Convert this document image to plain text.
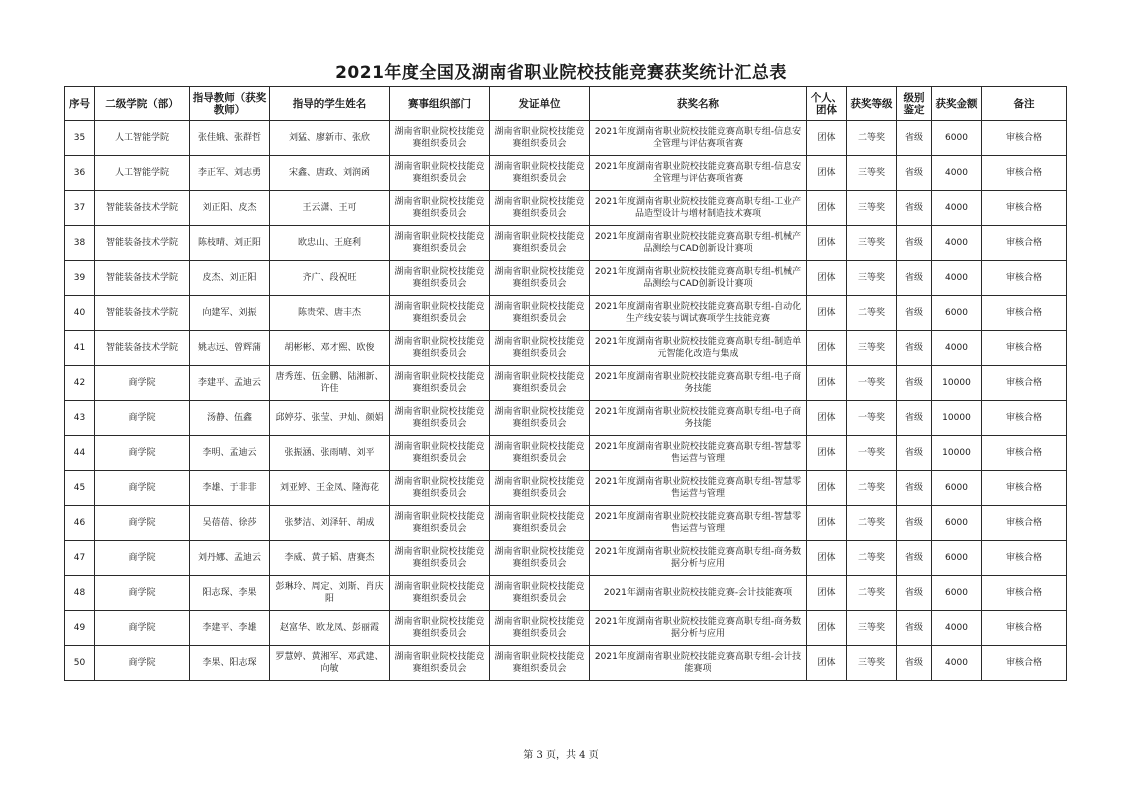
2021年度全国及湖南省职业院校技能竞赛获奖统计汇总表
序号	二级学院（部）	指导教师（获奖教师）	指导的学生姓名	赛事组织部门	发证单位	获奖名称	个人、团体	获奖等级	级别鉴定	获奖金额	备注
35	人工智能学院	张佳娥、张群哲	刘猛、廖新市、张欣	湖南省职业院校技能竞赛组织委员会	湖南省职业院校技能竞赛组织委员会	2021年度湖南省职业院校技能竞赛高职专组-信息安全管理与评估赛项省赛	团体	二等奖	省级	6000	审核合格
36	人工智能学院	李正军、刘志勇	宋鑫、唐政、刘润函	湖南省职业院校技能竞赛组织委员会	湖南省职业院校技能竞赛组织委员会	2021年度湖南省职业院校技能竞赛高职专组-信息安全管理与评估赛项省赛	团体	三等奖	省级	4000	审核合格
37	智能装备技术学院	刘正阳、皮杰	王云潇、王可	湖南省职业院校技能竞赛组织委员会	湖南省职业院校技能竞赛组织委员会	2021年度湖南省职业院校技能竞赛高职专组-工业产品造型设计与增材制造技术赛项	团体	三等奖	省级	4000	审核合格
38	智能装备技术学院	陈枝晴、刘正阳	欧忠山、王庭利	湖南省职业院校技能竞赛组织委员会	湖南省职业院校技能竞赛组织委员会	2021年度湖南省职业院校技能竞赛高职专组-机械产品测绘与CAD创新设计赛项	团体	三等奖	省级	4000	审核合格
39	智能装备技术学院	皮杰、刘正阳	齐广、段祝旺	湖南省职业院校技能竞赛组织委员会	湖南省职业院校技能竞赛组织委员会	2021年度湖南省职业院校技能竞赛高职专组-机械产品测绘与CAD创新设计赛项	团体	三等奖	省级	4000	审核合格
40	智能装备技术学院	向建军、刘振	陈贵荣、唐丰杰	湖南省职业院校技能竞赛组织委员会	湖南省职业院校技能竞赛组织委员会	2021年度湖南省职业院校技能竞赛高职专组-自动化生产线安装与调试赛项学生技能竞赛	团体	二等奖	省级	6000	审核合格
41	智能装备技术学院	姚志远、曾辉蒲	胡彬彬、邓才熙、欧俊	湖南省职业院校技能竞赛组织委员会	湖南省职业院校技能竞赛组织委员会	2021年度湖南省职业院校技能竞赛高职专组-制造单元智能化改造与集成	团体	三等奖	省级	4000	审核合格
42	商学院	李建平、孟迪云	唐秀莲、伍金鹏、陆湘新、许佳	湖南省职业院校技能竞赛组织委员会	湖南省职业院校技能竞赛组织委员会	2021年度湖南省职业院校技能竞赛高职专组-电子商务技能	团体	一等奖	省级	10000	审核合格
43	商学院	汤静、伍鑫	邱婷芬、张莹、尹灿、颜娟	湖南省职业院校技能竞赛组织委员会	湖南省职业院校技能竞赛组织委员会	2021年度湖南省职业院校技能竞赛高职专组-电子商务技能	团体	一等奖	省级	10000	审核合格
44	商学院	李明、孟迪云	张振涵、张雨晴、刘平	湖南省职业院校技能竞赛组织委员会	湖南省职业院校技能竞赛组织委员会	2021年度湖南省职业院校技能竞赛高职专组-智慧零售运营与管理	团体	一等奖	省级	10000	审核合格
45	商学院	李雄、于非非	刘亚婷、王金凤、隆海花	湖南省职业院校技能竞赛组织委员会	湖南省职业院校技能竞赛组织委员会	2021年度湖南省职业院校技能竞赛高职专组-智慧零售运营与管理	团体	二等奖	省级	6000	审核合格
46	商学院	吴蓓蓓、徐莎	张梦洁、刘泽轩、胡成	湖南省职业院校技能竞赛组织委员会	湖南省职业院校技能竞赛组织委员会	2021年度湖南省职业院校技能竞赛高职专组-智慧零售运营与管理	团体	二等奖	省级	6000	审核合格
47	商学院	刘丹娜、孟迪云	李威、黄子韬、唐赛杰	湖南省职业院校技能竞赛组织委员会	湖南省职业院校技能竞赛组织委员会	2021年度湖南省职业院校技能竞赛高职专组-商务数据分析与应用	团体	二等奖	省级	6000	审核合格
48	商学院	阳志琛、李果	彭琳玲、周定、刘斯、肖庆阳	湖南省职业院校技能竞赛组织委员会	湖南省职业院校技能竞赛组织委员会	2021年湖南省职业院校技能竞赛-会计技能赛项	团体	二等奖	省级	6000	审核合格
49	商学院	李建平、李雄	赵富华、欧龙凤、彭丽霞	湖南省职业院校技能竞赛组织委员会	湖南省职业院校技能竞赛组织委员会	2021年度湖南省职业院校技能竞赛高职专组-商务数据分析与应用	团体	三等奖	省级	4000	审核合格
50	商学院	李果、阳志琛	罗慧婷、黄湘军、邓武建、向敏	湖南省职业院校技能竞赛组织委员会	湖南省职业院校技能竞赛组织委员会	2021年度湖南省职业院校技能竞赛高职专组-会计技能赛项	团体	三等奖	省级	4000	审核合格
第 3 页，共 4 页
